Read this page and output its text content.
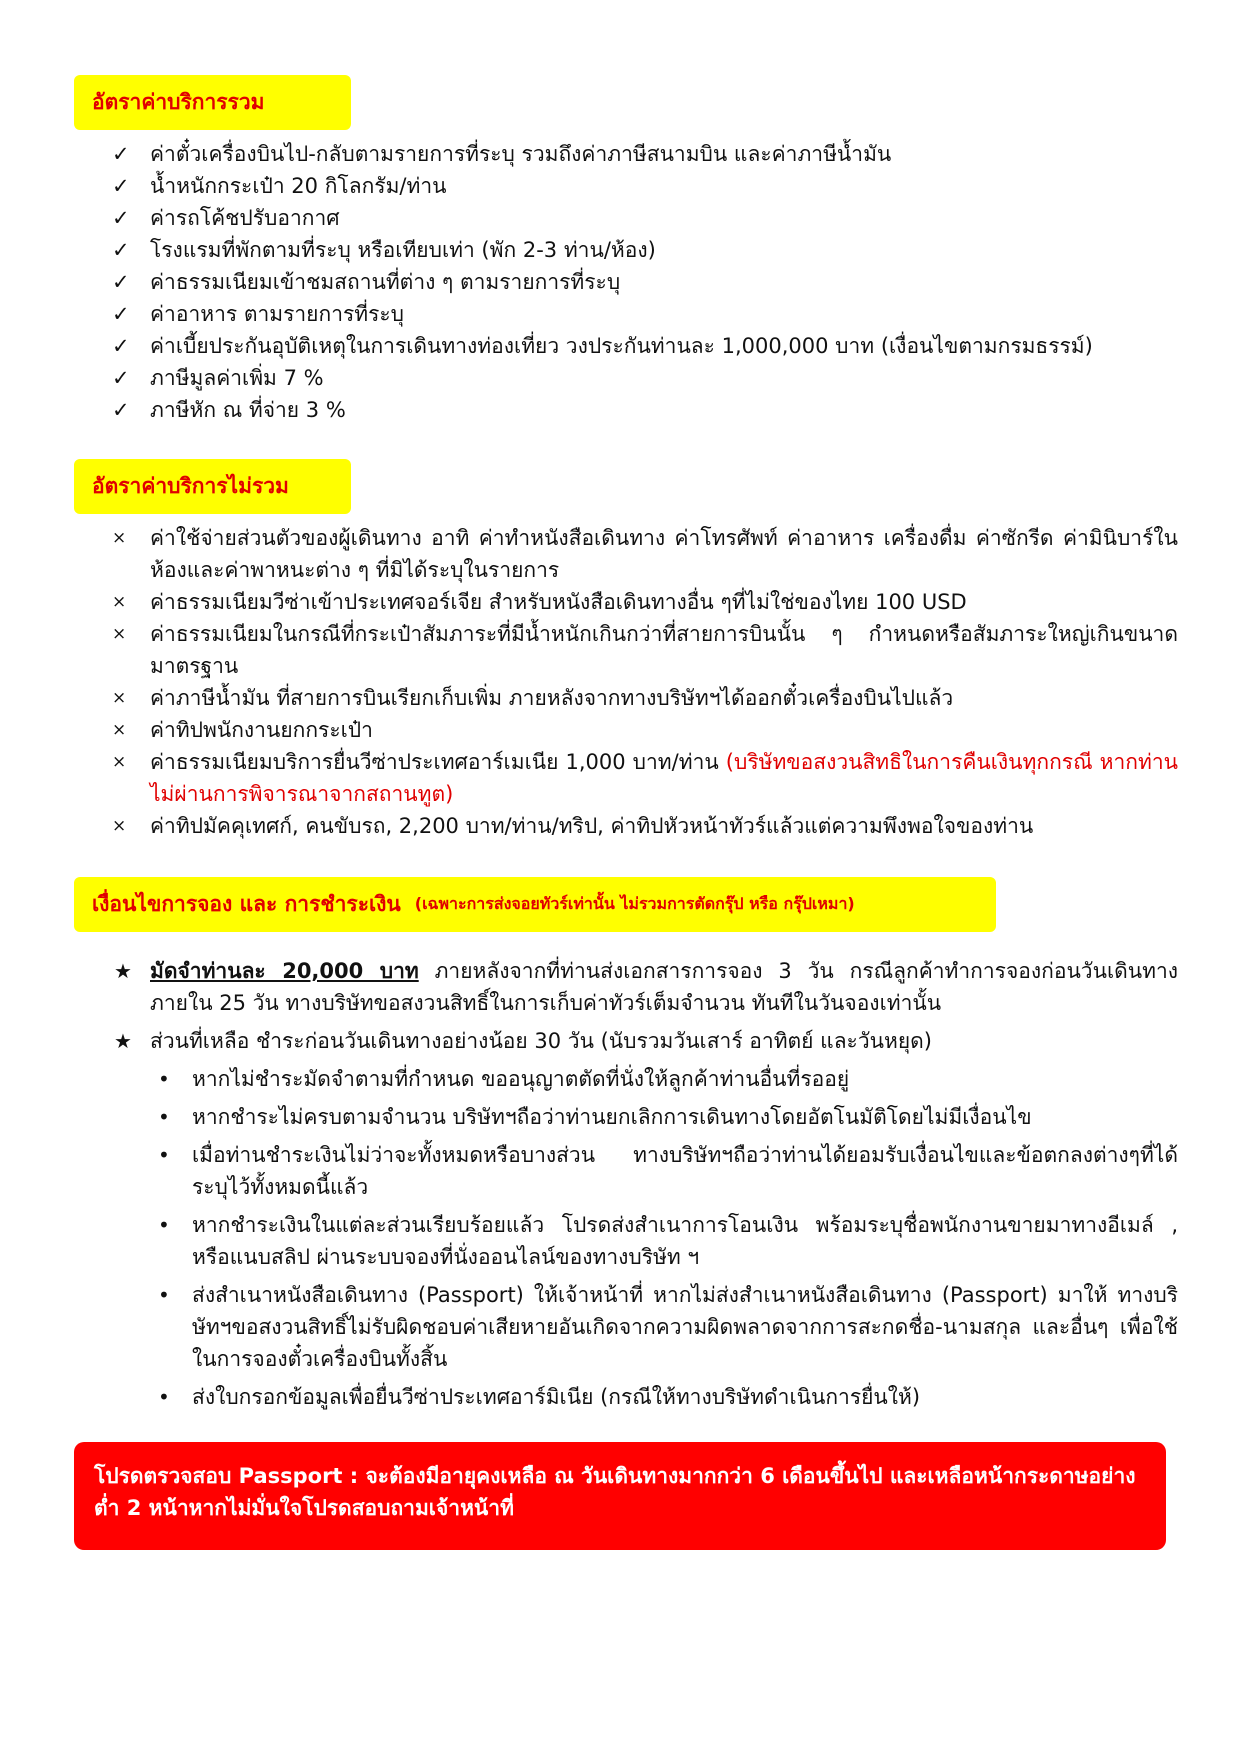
อัตราค่าบริการรวม
✓ ค่าตั๋วเครื่องบินไป-กลับตามรายการที่ระบุ รวมถึงค่าภาษีสนามบิน และค่าภาษีน้ำมัน
✓ น้ำหนักกระเป๋า 20 กิโลกรัม/ท่าน
✓ ค่ารถโค้ชปรับอากาศ
✓ โรงแรมที่พักตามที่ระบุ หรือเทียบเท่า (พัก 2-3 ท่าน/ห้อง)
✓ ค่าธรรมเนียมเข้าชมสถานที่ต่าง ๆ ตามรายการที่ระบุ
✓ ค่าอาหาร ตามรายการที่ระบุ
✓ ค่าเบี้ยประกันอุบัติเหตุในการเดินทางท่องเที่ยว วงประกันท่านละ 1,000,000 บาท (เงื่อนไขตามกรมธรรม์)
✓ ภาษีมูลค่าเพิ่ม 7 %
✓ ภาษีหัก ณ ที่จ่าย 3 %
อัตราค่าบริการไม่รวม
× ค่าใช้จ่ายส่วนตัวของผู้เดินทาง อาทิ ค่าทำหนังสือเดินทาง ค่าโทรศัพท์ ค่าอาหาร เครื่องดื่ม ค่าซักรีด ค่ามินิบาร์ในห้องและค่าพาหนะต่าง ๆ ที่มิได้ระบุในรายการ
× ค่าธรรมเนียมวีซ่าเข้าประเทศจอร์เจีย สำหรับหนังสือเดินทางอื่น ๆที่ไม่ใช่ของไทย 100 USD
× ค่าธรรมเนียมในกรณีที่กระเป๋าสัมภาระที่มีน้ำหนักเกินกว่าที่สายการบินนั้น ๆ กำหนดหรือสัมภาระใหญ่เกินขนาดมาตรฐาน
× ค่าภาษีน้ำมัน ที่สายการบินเรียกเก็บเพิ่ม ภายหลังจากทางบริษัทฯได้ออกตั๋วเครื่องบินไปแล้ว
× ค่าทิปพนักงานยกกระเป๋า
× ค่าธรรมเนียมบริการยื่นวีซ่าประเทศอาร์เมเนีย 1,000 บาท/ท่าน (บริษัทขอสงวนสิทธิในการคืนเงินทุกกรณี หากท่านไม่ผ่านการพิจารณาจากสถานทูต)
× ค่าทิปมัคคุเทศก์, คนขับรถ, 2,200 บาท/ท่าน/ทริป, ค่าทิปหัวหน้าทัวร์แล้วแต่ความพึงพอใจของท่าน
เงื่อนไขการจอง และ การชำระเงิน (เฉพาะการส่งจอยทัวร์เท่านั้น ไม่รวมการตัดกรุ๊ป หรือ กรุ๊ปเหมา)
★ มัดจำท่านละ 20,000 บาท ภายหลังจากที่ท่านส่งเอกสารการจอง 3 วัน กรณีลูกค้าทำการจองก่อนวันเดินทางภายใน 25 วัน ทางบริษัทขอสงวนสิทธิ์ในการเก็บค่าทัวร์เต็มจำนวน ทันทีในวันจองเท่านั้น
★ ส่วนที่เหลือ ชำระก่อนวันเดินทางอย่างน้อย 30 วัน (นับรวมวันเสาร์ อาทิตย์ และวันหยุด)
• หากไม่ชำระมัดจำตามที่กำหนด ขออนุญาตตัดที่นั่งให้ลูกค้าท่านอื่นที่รออยู่
• หากชำระไม่ครบตามจำนวน บริษัทฯถือว่าท่านยกเลิกการเดินทางโดยอัตโนมัติโดยไม่มีเงื่อนไข
• เมื่อท่านชำระเงินไม่ว่าจะทั้งหมดหรือบางส่วน ทางบริษัทฯถือว่าท่านได้ยอมรับเงื่อนไขและข้อตกลงต่างๆที่ได้ระบุไว้ทั้งหมดนี้แล้ว
• หากชำระเงินในแต่ละส่วนเรียบร้อยแล้ว โปรดส่งสำเนาการโอนเงิน พร้อมระบุชื่อพนักงานขายมาทางอีเมล์ , หรือแนบสลิป ผ่านระบบจองที่นั่งออนไลน์ของทางบริษัท ฯ
• ส่งสำเนาหนังสือเดินทาง (Passport) ให้เจ้าหน้าที่ หากไม่ส่งสำเนาหนังสือเดินทาง (Passport) มาให้ ทางบริษัทฯขอสงวนสิทธิ์ไม่รับผิดชอบค่าเสียหายอันเกิดจากความผิดพลาดจากการสะกดชื่อ-นามสกุล และอื่นๆ เพื่อใช้ในการจองตั๋วเครื่องบินทั้งสิ้น
• ส่งใบกรอกข้อมูลเพื่อยื่นวีซ่าประเทศอาร์มิเนีย (กรณีให้ทางบริษัทดำเนินการยื่นให้)
โปรดตรวจสอบ Passport : จะต้องมีอายุคงเหลือ ณ วันเดินทางมากกว่า 6 เดือนขึ้นไป และเหลือหน้ากระดาษอย่างต่ำ 2 หน้าหากไม่มั่นใจโปรดสอบถามเจ้าหน้าที่
